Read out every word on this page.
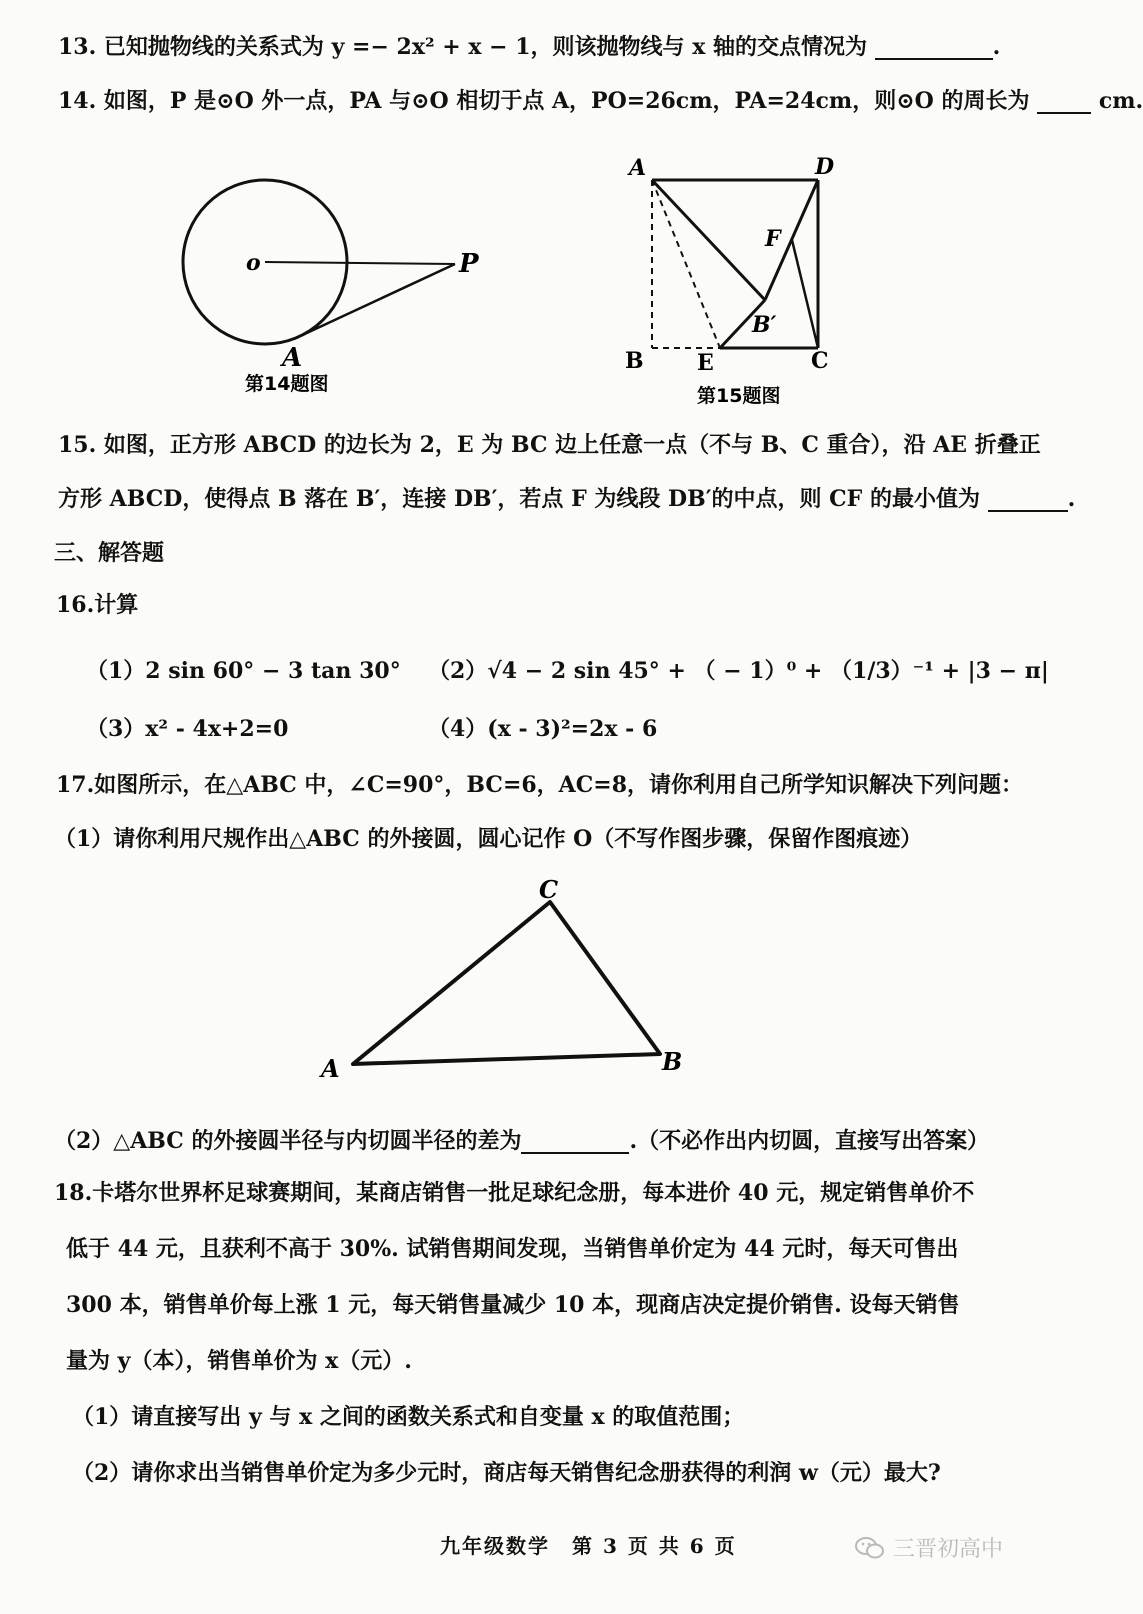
13. 已知抛物线的关系式为 y =− 2x² + x − 1，则该抛物线与 x 轴的交点情况为	.
14. 如图，P 是⊙O 外一点，PA 与⊙O 相切于点 A，PO=26cm，PA=24cm，则⊙O 的周长为	cm.
o	P
A
第14题图
A	D
F
B′
B E	C
第15题图
15. 如图，正方形 ABCD 的边长为 2，E 为 BC 边上任意一点（不与 B、C 重合），沿 AE 折叠正
方形 ABCD，使得点 B 落在 B′，连接 DB′，若点 F 为线段 DB′的中点，则 CF 的最小值为	.
三、解答题
16.计算
（1）2 sin 60° − 3 tan 30° （2）√4 − 2 sin 45° + （ − 1）⁰ + （1/3）⁻¹ + |3 − π|
（3）x² - 4x+2=0	（4）(x - 3)²=2x - 6
17.如图所示，在△ABC 中，∠C=90°，BC=6，AC=8，请你利用自己所学知识解决下列问题：
（1）请你利用尺规作出△ABC 的外接圆，圆心记作 O（不写作图步骤，保留作图痕迹）
A	B
C
（2）△ABC 的外接圆半径与内切圆半径的差为	.（不必作出内切圆，直接写出答案）
18.卡塔尔世界杯足球赛期间，某商店销售一批足球纪念册，每本进价 40 元，规定销售单价不
低于 44 元，且获利不高于 30%. 试销售期间发现，当销售单价定为 44 元时，每天可售出
300 本，销售单价每上涨 1 元，每天销售量减少 10 本，现商店决定提价销售. 设每天销售
量为 y（本），销售单价为 x（元）.
（1）请直接写出 y 与 x 之间的函数关系式和自变量 x 的取值范围；
（2）请你求出当销售单价定为多少元时，商店每天销售纪念册获得的利润 w（元）最大?
九年级数学　第 3 页 共 6 页	三晋初高中
